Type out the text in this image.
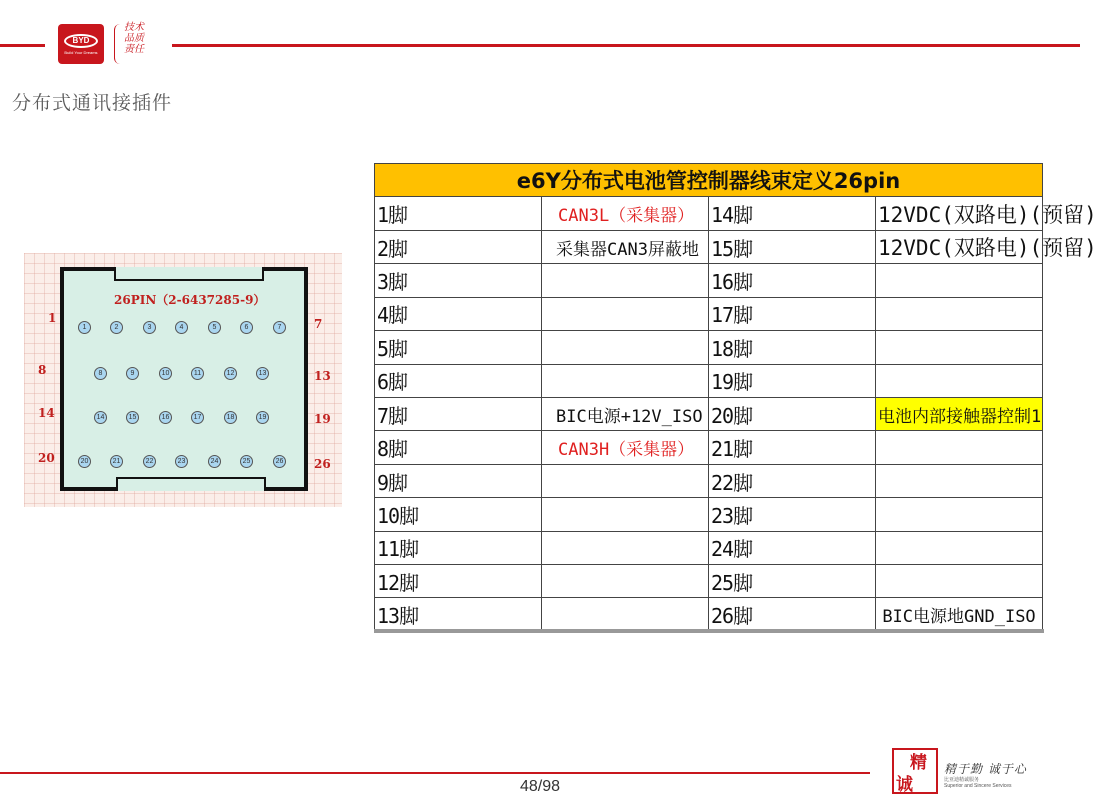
BYD
Build Your Dreams
技术 品质 责任
分布式通讯接插件
26PIN（2-6437285-9）
1	2	3	4	5	6	7
8	9	10	11	12	13
14	15	16	17	18	19
20	21	22	23	24	25	26
1
8
14
20
7
13
19
26
e6Y分布式电池管控制器线束定义26pin			
1脚	CAN3L（采集器）	14脚	12VDC(双路电)(预留)
2脚	采集器CAN3屏蔽地	15脚	12VDC(双路电)(预留)
3脚		16脚	
4脚		17脚	
5脚		18脚	
6脚		19脚	
7脚	BIC电源+12V_ISO	20脚	电池内部接触器控制1
8脚	CAN3H（采集器）	21脚	
9脚		22脚	
10脚		23脚	
11脚		24脚	
12脚		25脚	
13脚		26脚	BIC电源地GND_ISO
48/98
精
诚
精于勤 诚于心
比亚迪精诚服务
Superior and Sincere Services
